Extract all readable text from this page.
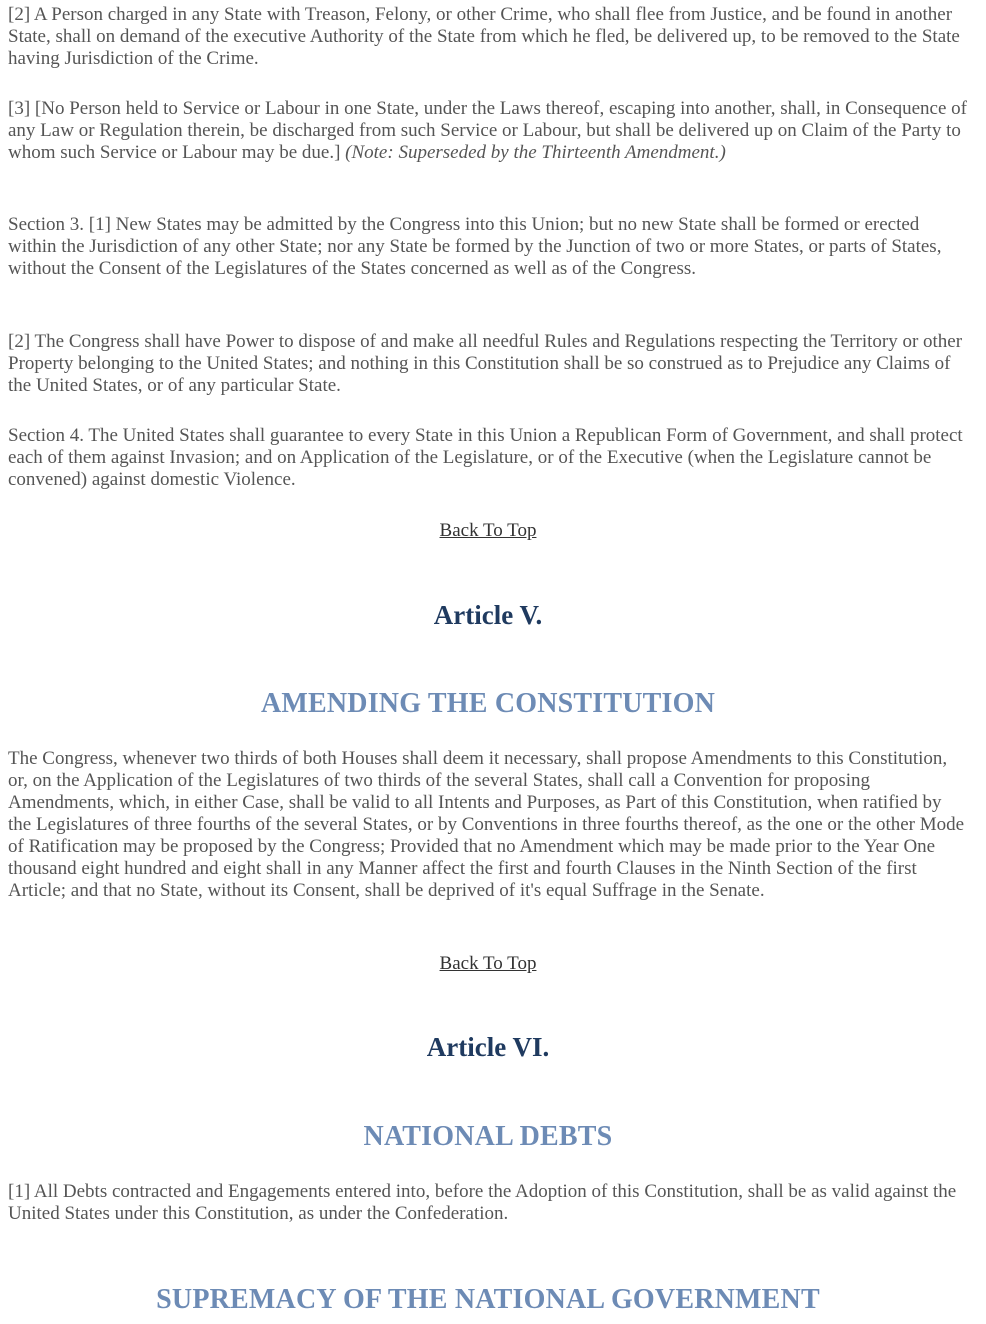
[2] A Person charged in any State with Treason, Felony, or other Crime, who shall flee from Justice, and be found in another State, shall on demand of the executive Authority of the State from which he fled, be delivered up, to be removed to the State having Jurisdiction of the Crime.

[3] [No Person held to Service or Labour in one State, under the Laws thereof, escaping into another, shall, in Consequence of any Law or Regulation therein, be discharged from such Service or Labour, but shall be delivered up on Claim of the Party to whom such Service or Labour may be due.] (Note: Superseded by the Thirteenth Amendment.)

Section 3. [1] New States may be admitted by the Congress into this Union; but no new State shall be formed or erected within the Jurisdiction of any other State; nor any State be formed by the Junction of two or more States, or parts of States, without the Consent of the Legislatures of the States concerned as well as of the Congress.

[2] The Congress shall have Power to dispose of and make all needful Rules and Regulations respecting the Territory or other Property belonging to the United States; and nothing in this Constitution shall be so construed as to Prejudice any Claims of the United States, or of any particular State.

Section 4. The United States shall guarantee to every State in this Union a Republican Form of Government, and shall protect each of them against Invasion; and on Application of the Legislature, or of the Executive (when the Legislature cannot be convened) against domestic Violence.

Back To Top
Article V.
AMENDING THE CONSTITUTION

The Congress, whenever two thirds of both Houses shall deem it necessary, shall propose Amendments to this Constitution, or, on the Application of the Legislatures of two thirds of the several States, shall call a Convention for proposing Amendments, which, in either Case, shall be valid to all Intents and Purposes, as Part of this Constitution, when ratified by the Legislatures of three fourths of the several States, or by Conventions in three fourths thereof, as the one or the other Mode of Ratification may be proposed by the Congress; Provided that no Amendment which may be made prior to the Year One thousand eight hundred and eight shall in any Manner affect the first and fourth Clauses in the Ninth Section of the first Article; and that no State, without its Consent, shall be deprived of it's equal Suffrage in the Senate.

Back To Top
Article VI.
NATIONAL DEBTS

[1] All Debts contracted and Engagements entered into, before the Adoption of this Constitution, shall be as valid against the United States under this Constitution, as under the Confederation.

SUPREMACY OF THE NATIONAL GOVERNMENT
